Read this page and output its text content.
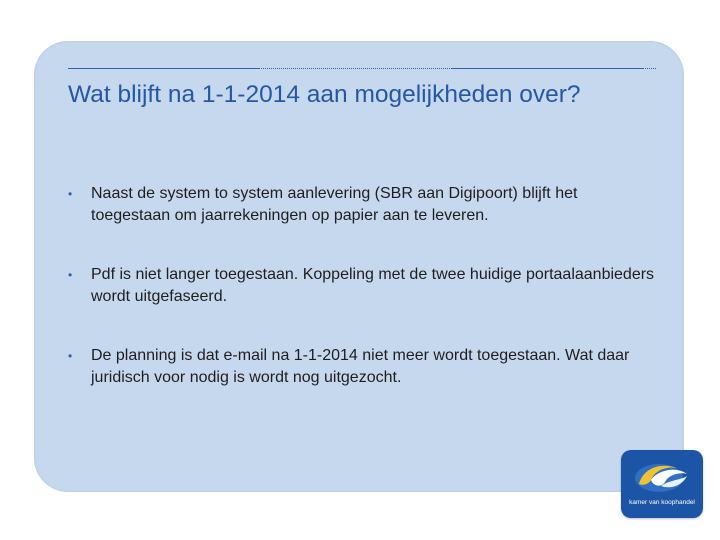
Wat blijft na 1-1-2014 aan mogelijkheden over?
• Naast de system to system aanlevering (SBR aan Digipoort) blijft het toegestaan om jaarrekeningen op papier aan te leveren.
• Pdf is niet langer toegestaan. Koppeling met de twee huidige portaalaanbieders wordt uitgefaseerd.
• De planning is dat e-mail na 1-1-2014 niet meer wordt toegestaan. Wat daar juridisch voor nodig is wordt nog uitgezocht.
kamer van koophandel
